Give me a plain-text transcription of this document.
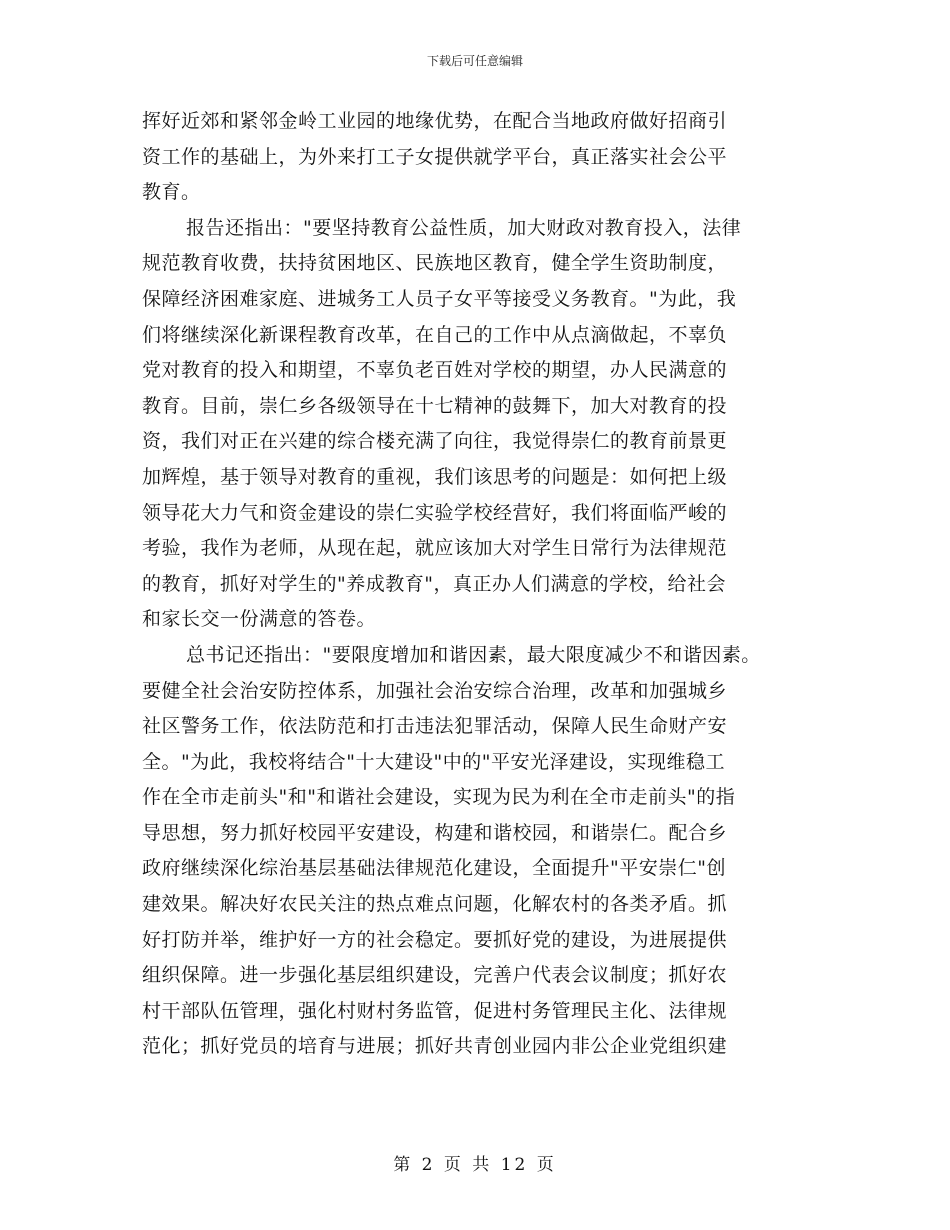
下载后可任意编辑
挥好近郊和紧邻金岭工业园的地缘优势，在配合当地政府做好招商引
资工作的基础上，为外来打工子女提供就学平台，真正落实社会公平
教育。
报告还指出："要坚持教育公益性质，加大财政对教育投入，法律
规范教育收费，扶持贫困地区、民族地区教育，健全学生资助制度，
保障经济困难家庭、进城务工人员子女平等接受义务教育。"为此，我
们将继续深化新课程教育改革，在自己的工作中从点滴做起，不辜负
党对教育的投入和期望，不辜负老百姓对学校的期望，办人民满意的
教育。目前，崇仁乡各级领导在十七精神的鼓舞下，加大对教育的投
资，我们对正在兴建的综合楼充满了向往，我觉得崇仁的教育前景更
加辉煌，基于领导对教育的重视，我们该思考的问题是：如何把上级
领导花大力气和资金建设的崇仁实验学校经营好，我们将面临严峻的
考验，我作为老师，从现在起，就应该加大对学生日常行为法律规范
的教育，抓好对学生的"养成教育"，真正办人们满意的学校，给社会
和家长交一份满意的答卷。
总书记还指出："要限度增加和谐因素，最大限度减少不和谐因素。
要健全社会治安防控体系，加强社会治安综合治理，改革和加强城乡
社区警务工作，依法防范和打击违法犯罪活动，保障人民生命财产安
全。"为此，我校将结合"十大建设"中的"平安光泽建设，实现维稳工
作在全市走前头"和"和谐社会建设，实现为民为利在全市走前头"的指
导思想，努力抓好校园平安建设，构建和谐校园，和谐崇仁。配合乡
政府继续深化综治基层基础法律规范化建设，全面提升"平安崇仁"创
建效果。解决好农民关注的热点难点问题，化解农村的各类矛盾。抓
好打防并举，维护好一方的社会稳定。要抓好党的建设，为进展提供
组织保障。进一步强化基层组织建设，完善户代表会议制度；抓好农
村干部队伍管理，强化村财村务监管，促进村务管理民主化、法律规
范化；抓好党员的培育与进展；抓好共青创业园内非公企业党组织建
第 2 页 共 12 页
